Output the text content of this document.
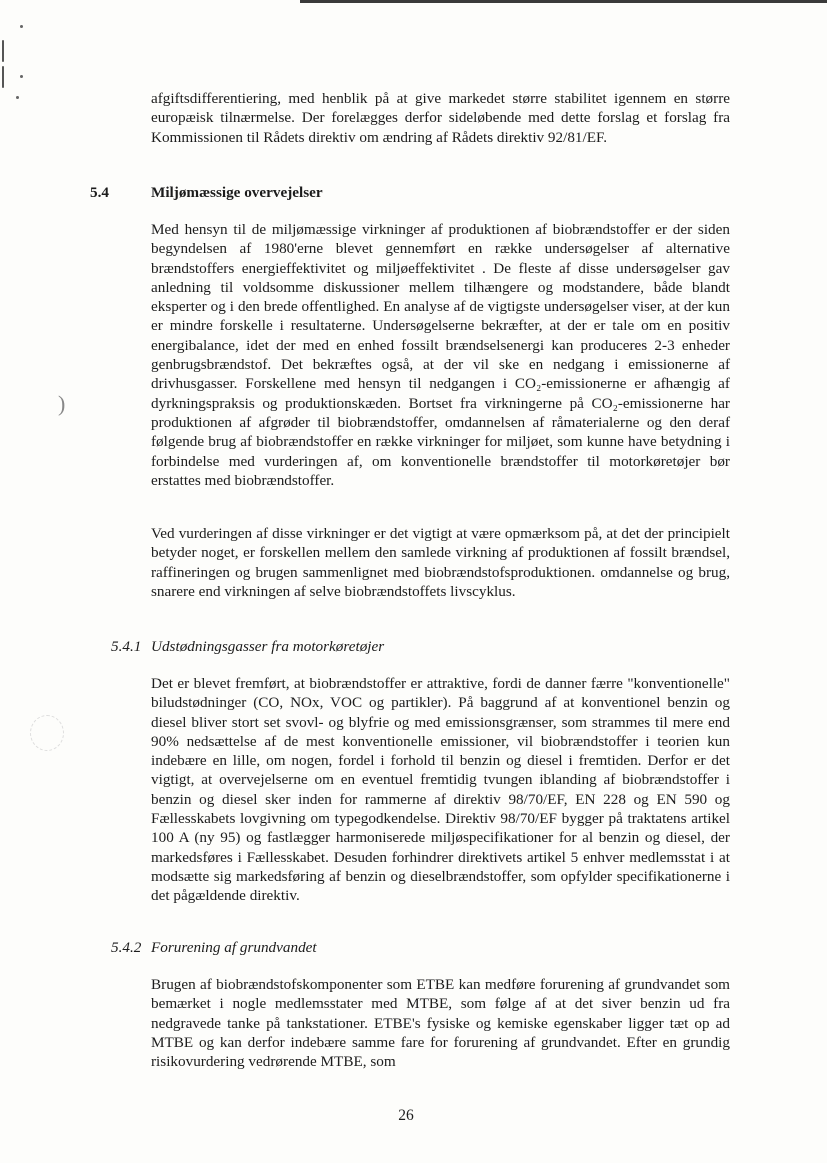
)

afgiftsdifferentiering, med henblik på at give markedet større stabilitet igennem en større europæisk tilnærmelse. Der forelægges derfor sideløbende med dette forslag et forslag fra Kommissionen til Rådets direktiv om ændring af Rådets direktiv 92/81/EF.

5.4	Miljømæssige overvejelser

Med hensyn til de miljømæssige virkninger af produktionen af biobrændstoffer er der siden begyndelsen af 1980'erne blevet gennemført en række undersøgelser af alternative brændstoffers energieffektivitet og miljøeffektivitet . De fleste af disse undersøgelser gav anledning til voldsomme diskussioner mellem tilhængere og modstandere, både blandt eksperter og i den brede offentlighed. En analyse af de vigtigste undersøgelser viser, at der kun er mindre forskelle i resultaterne. Undersøgelserne bekræfter, at der er tale om en positiv energibalance, idet der med en enhed fossilt brændselsenergi kan produceres 2-3 enheder genbrugsbrændstof. Det bekræftes også, at der vil ske en nedgang i emissionerne af drivhusgasser. Forskellene med hensyn til nedgangen i CO₂-emissionerne er afhængig af dyrkningspraksis og produktionskæden. Bortset fra virkningerne på CO₂-emissionerne har produktionen af afgrøder til biobrændstoffer, omdannelsen af råmaterialerne og den deraf følgende brug af biobrændstoffer en række virkninger for miljøet, som kunne have betydning i forbindelse med vurderingen af, om konventionelle brændstoffer til motorkøretøjer bør erstattes med biobrændstoffer.

Ved vurderingen af disse virkninger er det vigtigt at være opmærksom på, at det der principielt betyder noget, er forskellen mellem den samlede virkning af produktionen af fossilt brændsel, raffineringen og brugen sammenlignet med biobrændstofsproduktionen. omdannelse og brug, snarere end virkningen af selve biobrændstoffets livscyklus.

5.4.1 Udstødningsgasser fra motorkøretøjer

Det er blevet fremført, at biobrændstoffer er attraktive, fordi de danner færre "konventionelle" biludstødninger (CO, NOx, VOC og partikler). På baggrund af at konventionel benzin og diesel bliver stort set svovl- og blyfrie og med emissionsgrænser, som strammes til mere end 90% nedsættelse af de mest konventionelle emissioner, vil biobrændstoffer i teorien kun indebære en lille, om nogen, fordel i forhold til benzin og diesel i fremtiden. Derfor er det vigtigt, at overvejelserne om en eventuel fremtidig tvungen iblanding af biobrændstoffer i benzin og diesel sker inden for rammerne af direktiv 98/70/EF, EN 228 og EN 590 og Fællesskabets lovgivning om typegodkendelse. Direktiv 98/70/EF bygger på traktatens artikel 100 A (ny 95) og fastlægger harmoniserede miljøspecifikationer for al benzin og diesel, der markedsføres i Fællesskabet. Desuden forhindrer direktivets artikel 5 enhver medlemsstat i at modsætte sig markedsføring af benzin og dieselbrændstoffer, som opfylder specifikationerne i det pågældende direktiv.

5.4.2 Forurening af grundvandet

Brugen af biobrændstofskomponenter som ETBE kan medføre forurening af grundvandet som bemærket i nogle medlemsstater med MTBE, som følge af at det siver benzin ud fra nedgravede tanke på tankstationer. ETBE's fysiske og kemiske egenskaber ligger tæt op ad MTBE og kan derfor indebære samme fare for forurening af grundvandet. Efter en grundig risikovurdering vedrørende MTBE, som

26
